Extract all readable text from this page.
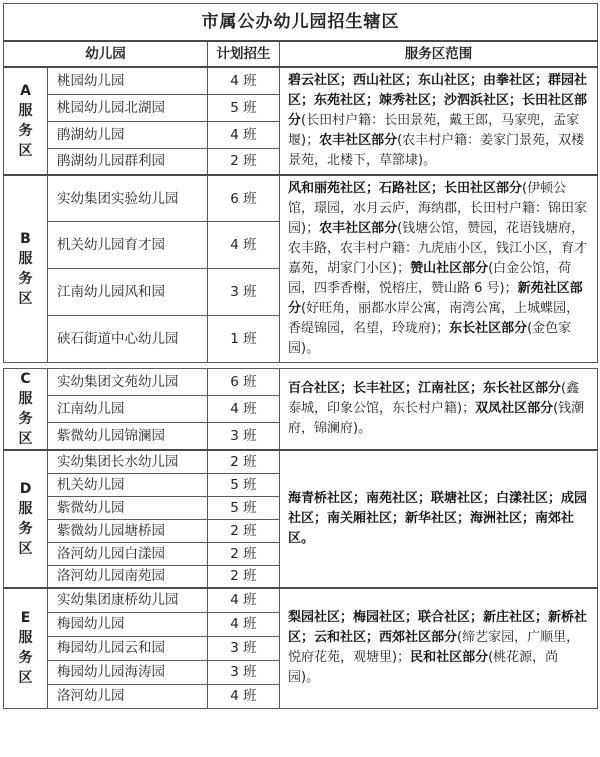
市属公办幼儿园招生辖区			
幼儿园		计划招生	服务区范围

A
服
务
区	桃园幼儿园	4 班	碧云社区；西山社区；东山社区；由拳社区；群园社区；东苑社区；竦秀社区；沙泗浜社区；长田社区部分(长田村户籍：长田景苑，戴王郎，马家兜，孟家堰)；农丰社区部分(农丰村户籍：姜家门景苑，双楼景苑，北楼下，草篰埭)。
	桃园幼儿园北湖园	5 班	
	鹃湖幼儿园	4 班	
	鹃湖幼儿园群利园	2 班	

B
服
务
区	实幼集团实验幼儿园	6 班	风和丽苑社区；石路社区；长田社区部分(伊顿公馆，璟园，水月云庐，海纳郡，长田村户籍：锦田家园)；农丰社区部分(钱塘公馆，赞园，花语钱塘府，农丰路，农丰村户籍：九虎庙小区，钱江小区，育才嘉苑，胡家门小区)；赞山社区部分(白金公馆，荷园，四季香榭，悦榕庄，赞山路 6 号)；新苑社区部分(好旺角，丽都水岸公寓，南湾公寓，上城蝶园，香缇锦园，名望，玲珑府)；东长社区部分(金色家园)。
	机关幼儿园育才园	4 班	
	江南幼儿园风和园	3 班	
	硖石街道中心幼儿园	1 班	

C
服
务
区	实幼集团文苑幼儿园	6 班	百合社区；长丰社区；江南社区；东长社区部分(鑫泰城，印象公馆，东长村户籍)；双凤社区部分(钱潮府，锦澜府)。
	江南幼儿园	4 班	
	紫微幼儿园锦澜园	3 班	

D
服
务
区	实幼集团长水幼儿园	2 班	海青桥社区；南苑社区；联塘社区；白漾社区；成园社区；南关厢社区；新华社区；海洲社区；南郊社区。
	机关幼儿园	5 班	
	紫微幼儿园	5 班	
	紫微幼儿园塘桥园	2 班	
	洛河幼儿园白漾园	2 班	
	洛河幼儿园南苑园	2 班	

E
服
务
区	实幼集团康桥幼儿园	4 班	梨园社区；梅园社区；联合社区；新庄社区；新桥社区；云和社区；西郊社区部分(缔艺家园，广顺里，悦府花苑，观塘里)；民和社区部分(桃花源，尚园)。
	梅园幼儿园	4 班	
	梅园幼儿园云和园	3 班	
	梅园幼儿园海涛园	3 班	
	洛河幼儿园	4 班	
